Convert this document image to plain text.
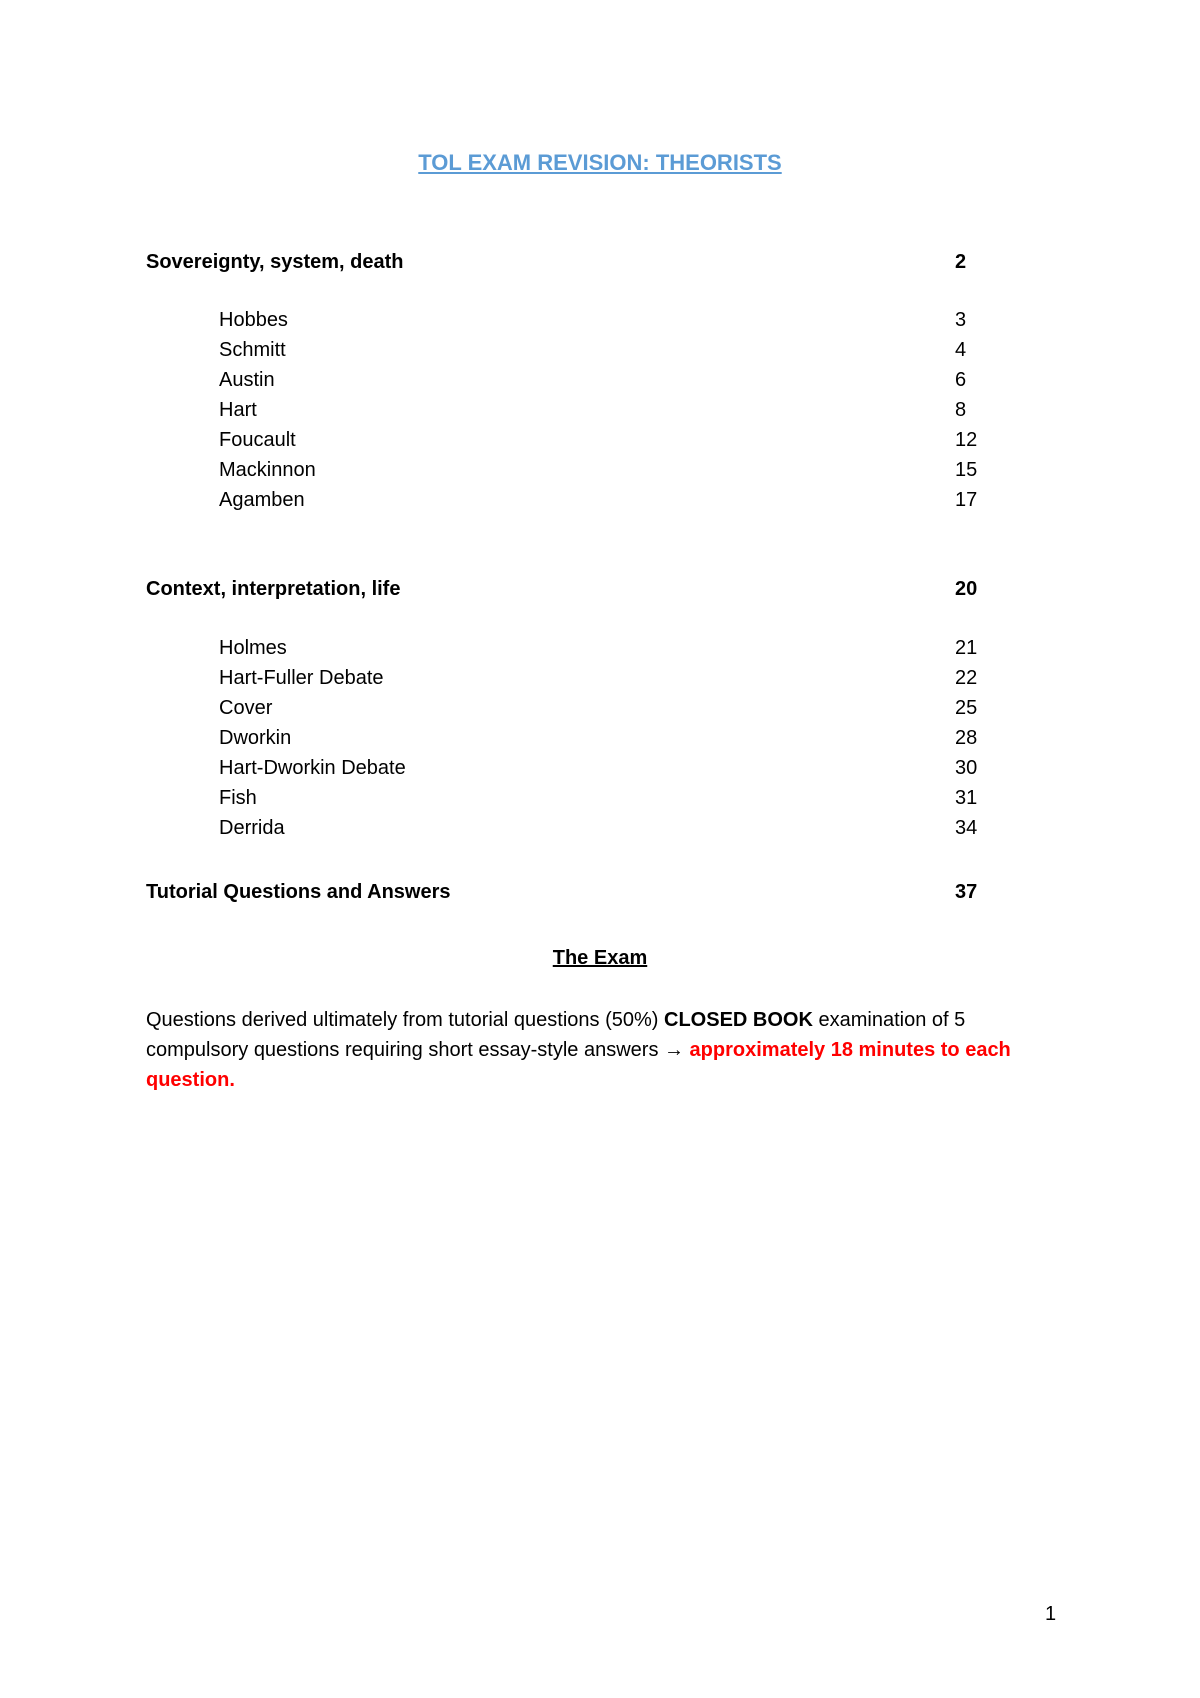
TOL EXAM REVISION: THEORISTS
Sovereignty, system, death	2
Hobbes	3
Schmitt	4
Austin	6
Hart	8
Foucault	12
Mackinnon	15
Agamben	17
Context, interpretation, life	20
Holmes	21
Hart-Fuller Debate	22
Cover	25
Dworkin	28
Hart-Dworkin Debate	30
Fish	31
Derrida	34
Tutorial Questions and Answers	37
The Exam
Questions derived ultimately from tutorial questions (50%) CLOSED BOOK examination of 5 compulsory questions requiring short essay-style answers → approximately 18 minutes to each question.
1
